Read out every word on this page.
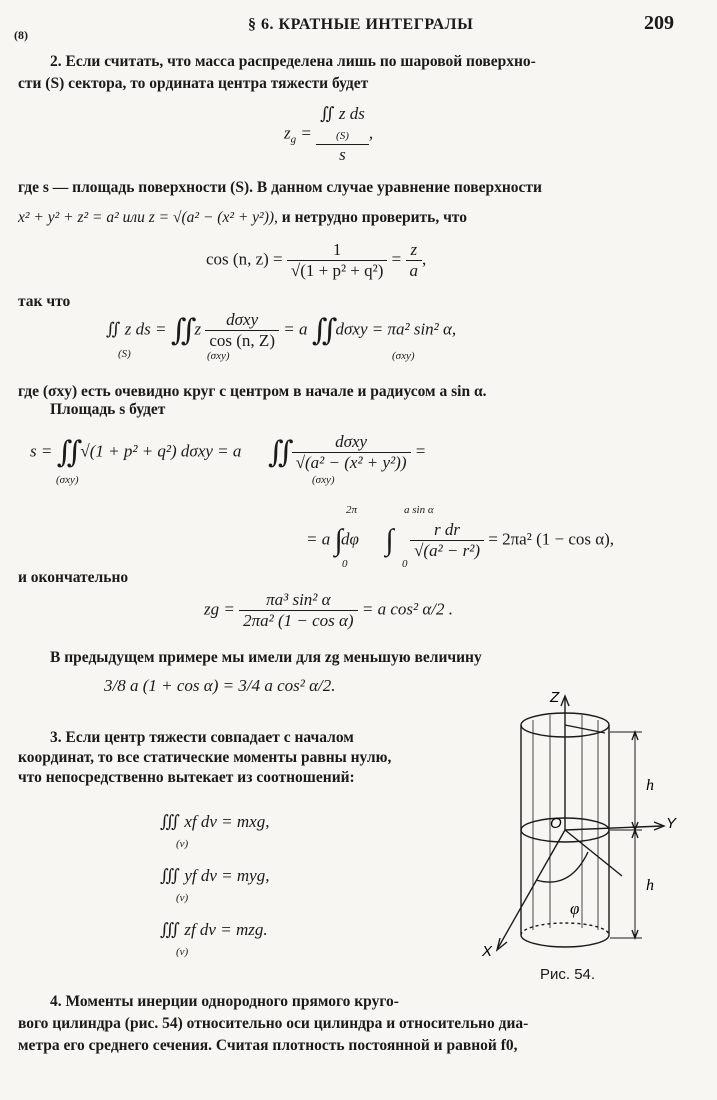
(8)
§ 6. КРАТНЫЕ ИНТЕГРАЛЫ	209
2. Если считать, что масса распределена лишь по шаровой поверхно-
сти (S) сектора, то ордината центра тяжести будет
$z_g$ =
∬ z ds
(S)
s
,
где s — площадь поверхности (S). В данном случае уравнение поверхности
x² + y² + z² = a² или z = √(a² − (x² + y²)), и нетрудно проверить, что
cos (n, $z) = \frac{1}{\text{√(1 + p² + q²)}} = \frac{z}{a}$ ,
так что
∬ z ds = ∬ z $\frac{\text{dσxy}}{\cos (n, Z)} = a$ ∬ dσxy = πa² sin² α,
(S)	(σxy)	(σxy)
где (σxy) есть очевидно круг с центром в начале и радиусом a sin α.
Площадь s будет
s = ∬ √(1 + p² + q²) dσxy = a ∬ $\frac{\text{dσxy}}{\text{√(a² − (x² + y²))}}$ =
(σxy)	(σxy)
= a ∫ dφ ∫ $\frac{\text{r dr}}{\text{√(a² − r²)}} = 2\pi a^2$ (1 − cos α),
2π
0
a sin α
0
и окончательно
zg = $\frac{\text{πa³ sin² α}}{\text{2πa² (1 − cos α)}} = a$ cos² α/2 .
В предыдущем примере мы имели для zg меньшую величину
3/8 a (1 + cos α) = 3/4 a cos² α/2.
3. Если центр тяжести совпадает с началом
координат, то все статические моменты равны нулю,
что непосредственно вытекает из соотношений:
∭ xf dv = mxg,
(v)
∭ yf dv = myg,
(v)
∭ zf dv = mzg.
(v)
Z
Y
X
O
h
h
φ
Рис. 54.
4. Моменты инерции однородного прямого круго-
вого цилиндра (рис. 54) относительно оси цилиндра и относительно диа-
метра его среднего сечения. Считая плотность постоянной и равной f0,
